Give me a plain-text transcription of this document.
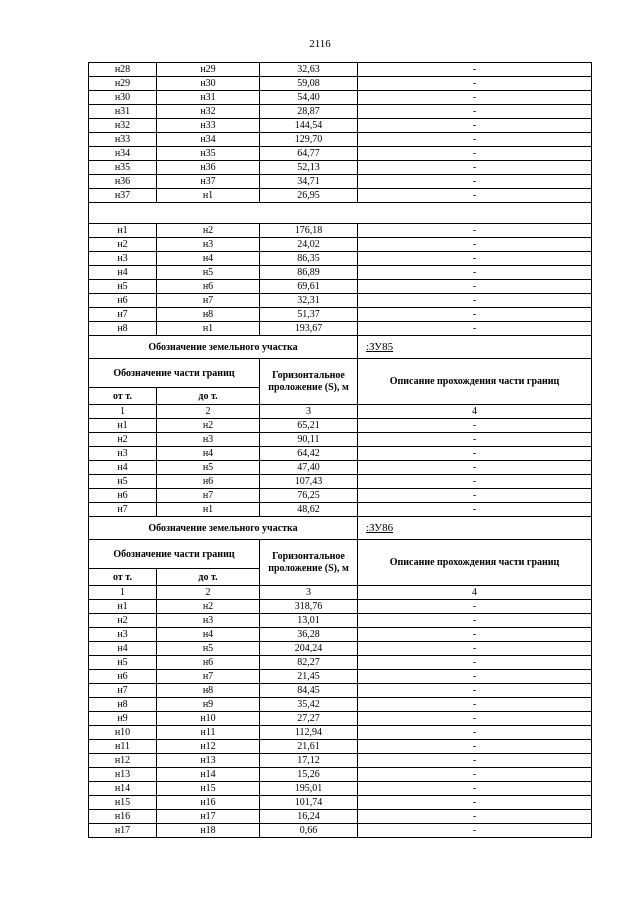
2116
н28	н29	32,63	-
н29	н30	59,08	-
н30	н31	54,40	-
н31	н32	28,87	-
н32	н33	144,54	-
н33	н34	129,70	-
н34	н35	64,77	-
н35	н36	52,13	-
н36	н37	34,71	-
н37	н1	26,95	-

н1	н2	176,18	-
н2	н3	24,02	-
н3	н4	86,35	-
н4	н5	86,89	-
н5	н6	69,61	-
н6	н7	32,31	-
н7	н8	51,37	-
н8	н1	193,67	-
Обозначение земельного участка			:ЗУ85
Обозначение части границ		Горизонтальное проложение (S), м	Описание прохождения части границ
от т.	до т.		
1	2	3	4
н1	н2	65,21	-
н2	н3	90,11	-
н3	н4	64,42	-
н4	н5	47,40	-
н5	н6	107,43	-
н6	н7	76,25	-
н7	н1	48,62	-
Обозначение земельного участка			:ЗУ86
Обозначение части границ		Горизонтальное проложение (S), м	Описание прохождения части границ
от т.	до т.		
1	2	3	4
н1	н2	318,76	-
н2	н3	13,01	-
н3	н4	36,28	-
н4	н5	204,24	-
н5	н6	82,27	-
н6	н7	21,45	-
н7	н8	84,45	-
н8	н9	35,42	-
н9	н10	27,27	-
н10	н11	112,94	-
н11	н12	21,61	-
н12	н13	17,12	-
н13	н14	15,26	-
н14	н15	195,01	-
н15	н16	101,74	-
н16	н17	16,24	-
н17	н18	0,66	-
